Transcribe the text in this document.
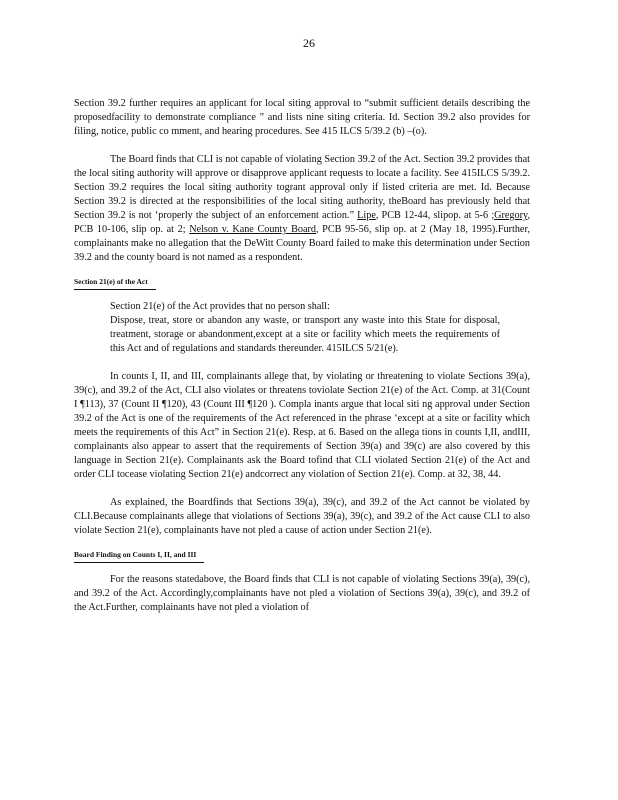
26

Section 39.2 further requires an applicant for local siting approval to “submit sufficient details describing the proposedfacility to demonstrate compliance ” and lists nine siting criteria. Id. Section 39.2 also provides for filing, notice, public co mment, and hearing procedures. See 415 ILCS 5/39.2 (b) –(o).

The Board finds that CLI is not capable of violating Section 39.2 of the Act. Section 39.2 provides that the local siting authority will approve or disapprove applicant requests to locate a facility. See 415ILCS 5/39.2. Section 39.2 requires the local siting authority togrant approval only if listed criteria are met. Id. Because Section 39.2 is directed at the responsibilities of the local siting authority, theBoard has previously held that Section 39.2 is not ‘properly the subject of an enforcement action.” Lipe, PCB 12-44, slipop. at 5-6 ;Gregory, PCB 10-106, slip op. at 2; Nelson v. Kane County Board, PCB 95-56, slip op. at 2 (May 18, 1995).Further, complainants make no allegation that the DeWitt County Board failed to make this determination under Section 39.2 and the county board is not named as a respondent.

Section 21(e) of the Act

Section 21(e) of the Act provides that no person shall:

Dispose, treat, store or abandon any waste, or transport any waste into this State for disposal, treatment, storage or abandonment,except at a site or facility which meets the requirements of this Act and of regulations and standards thereunder. 415ILCS 5/21(e).

In counts I, II, and III, complainants allege that, by violating or threatening to violate Sections 39(a), 39(c), and 39.2 of the Act, CLI also violates or threatens toviolate Section 21(e) of the Act. Comp. at 31(Count I ¶113), 37 (Count II ¶120), 43 (Count III ¶120 ). Compla inants argue that local siti ng approval under Section 39.2 of the Act is one of the requirements of the Act referenced in the phrase ‘except at a site or facility which meets the requirements of this Act” in Section 21(e). Resp. at 6. Based on the allega tions in counts I,II, andIII, complainants also appear to assert that the requirements of Section 39(a) and 39(c) are also covered by this language in Section 21(e). Complainants ask the Board tofind that CLI violated Section 21(e) of the Act and order CLI tocease violating Section 21(e) andcorrect any violation of Section 21(e). Comp. at 32, 38, 44.

As explained, the Boardfinds that Sections 39(a), 39(c), and 39.2 of the Act cannot be violated by CLI.Because complainants allege that violations of Sections 39(a), 39(c), and 39.2 of the Act cause CLI to also violate Section 21(e), complainants have not pled a cause of action under Section 21(e).

Board Finding on Counts I, II, and III

For the reasons statedabove, the Board finds that CLI is not capable of violating Sections 39(a), 39(c), and 39.2 of the Act. Accordingly,complainants have not pled a violation of Sections 39(a), 39(c), and 39.2 of the Act.Further, complainants have not pled a violation of
